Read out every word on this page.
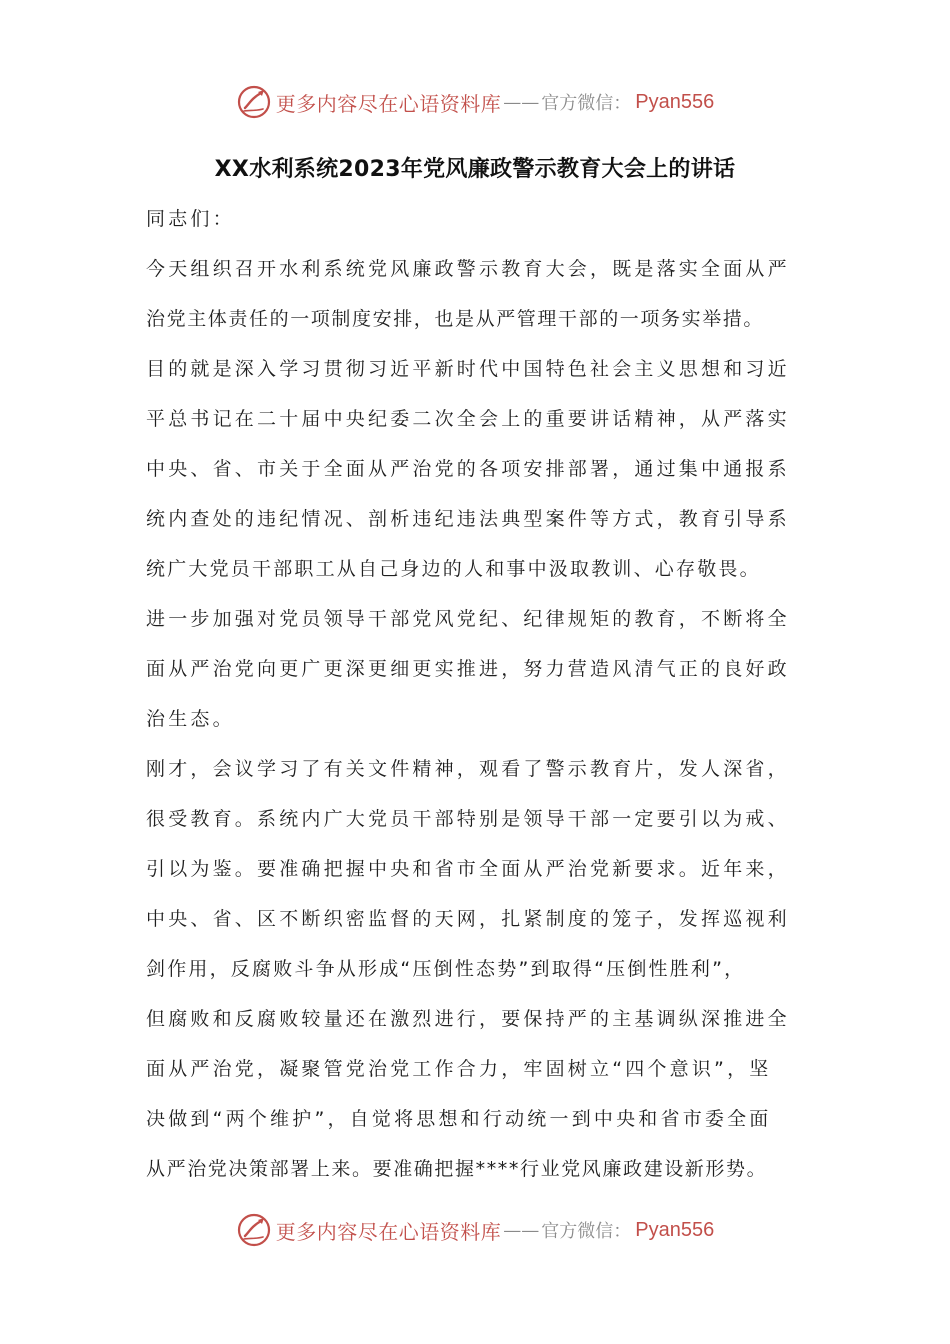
更多内容尽在心语资料库 —— 官方微信： Pyan556
XX水利系统2023年党风廉政警示教育大会上的讲话
同志们：
今天组织召开水利系统党风廉政警示教育大会，既是落实全面从严
治党主体责任的一项制度安排，也是从严管理干部的一项务实举措。
目的就是深入学习贯彻习近平新时代中国特色社会主义思想和习近
平总书记在二十届中央纪委二次全会上的重要讲话精神，从严落实
中央、省、市关于全面从严治党的各项安排部署，通过集中通报系
统内查处的违纪情况、剖析违纪违法典型案件等方式，教育引导系
统广大党员干部职工从自己身边的人和事中汲取教训、心存敬畏。
进一步加强对党员领导干部党风党纪、纪律规矩的教育，不断将全
面从严治党向更广更深更细更实推进，努力营造风清气正的良好政
治生态。
刚才，会议学习了有关文件精神，观看了警示教育片，发人深省，
很受教育。系统内广大党员干部特别是领导干部一定要引以为戒、
引以为鉴。要准确把握中央和省市全面从严治党新要求。近年来，
中央、省、区不断织密监督的天网，扎紧制度的笼子，发挥巡视利
剑作用，反腐败斗争从形成“压倒性态势”到取得“压倒性胜利”，
但腐败和反腐败较量还在激烈进行，要保持严的主基调纵深推进全
面从严治党，凝聚管党治党工作合力，牢固树立“四个意识”，坚
决做到“两个维护”，自觉将思想和行动统一到中央和省市委全面
从严治党决策部署上来。要准确把握****行业党风廉政建设新形势。
更多内容尽在心语资料库 —— 官方微信： Pyan556
